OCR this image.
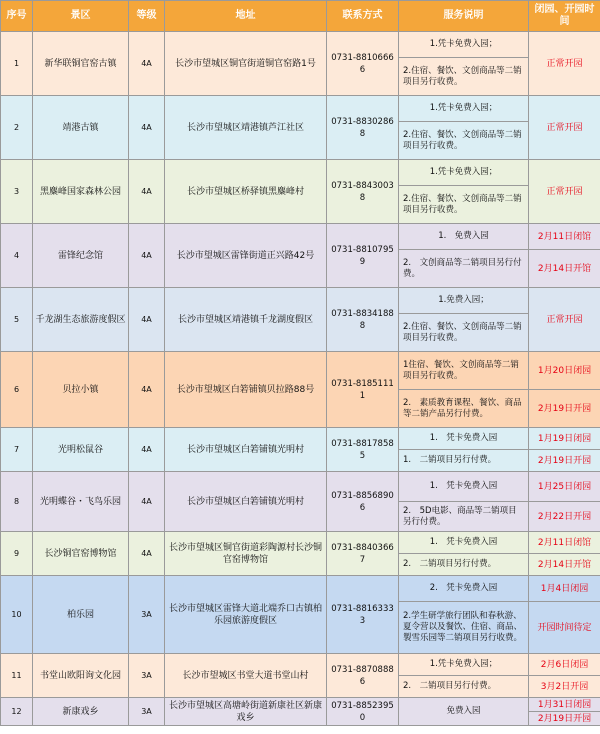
序号	景区	等级	地址	联系方式	服务说明	闭园、开园时间
1	新华联铜官窑古镇	4A	长沙市望城区铜官街道铜官窑路1号	0731-88106666	1.凭卡免费入园；	正常开园
					2.住宿、餐饮、文创商品等二销项目另行收费。	
2	靖港古镇	4A	长沙市望城区靖港镇芦江社区	0731-88302868	1.凭卡免费入园；	正常开园
					2.住宿、餐饮、文创商品等二销项目另行收费。	
3	黑麋峰国家森林公园	4A	长沙市望城区桥驿镇黑麋峰村	0731-88430038	1.凭卡免费入园；	正常开园
					2.住宿、餐饮、文创商品等二销项目另行收费。	
4	雷锋纪念馆	4A	长沙市望城区雷锋街道正兴路42号	0731-88107959	1.　免费入园	2月11日闭馆
					2.　文创商品等二销项目另行付费。	2月14日开馆
5	千龙湖生态旅游度假区	4A	长沙市望城区靖港镇千龙湖度假区	0731-88341888	1.免费入园；	正常开园
					2.住宿、餐饮、文创商品等二销项目另行收费。	
6	贝拉小镇	4A	长沙市望城区白箬铺镇贝拉路88号	0731-81851111	1住宿、餐饮、文创商品等二销项目另行收费。	1月20日闭园
					2.　素质教育课程、餐饮、商品等二销产品另行付费。	2月19日开园
7	光明松鼠谷	4A	长沙市望城区白箬铺镇光明村	0731-88178585	1.　凭卡免费入园	1月19日闭园
					1.　二销项目另行付费。	2月19日开园
8	光明蝶谷・飞鸟乐园	4A	长沙市望城区白箬铺镇光明村	0731-88568906	1.　凭卡免费入园	1月25日闭园
					2.　5D电影、商品等二销项目另行付费。	2月22日开园
9	长沙铜官窑博物馆	4A	长沙市望城区铜官街道彩陶源村长沙铜官窑博物馆	0731-88403667	1.　凭卡免费入园	2月11日闭馆
					2.　二销项目另行付费。	2月14日开馆
10	柏乐园	3A	长沙市望城区雷锋大道北端乔口古镇柏乐园旅游度假区	0731-88163333	2.　凭卡免费入园	1月4日闭园
					2.学生研学旅行团队和春秋游、夏令营以及餐饮、住宿、商品、製雪乐园等二销项目另行收费。	开园时间待定
11	书堂山欧阳询文化园	3A	长沙市望城区书堂大道书堂山村	0731-88708886	1.凭卡免费入园；	2月6日闭园
					2.　二销项目另行付费。	3月2日开园
12	新康戏乡	3A	长沙市望城区高塘岭街道新康社区新康戏乡	0731-88523950	免费入园	1月31日闭园
						2月19日开园
